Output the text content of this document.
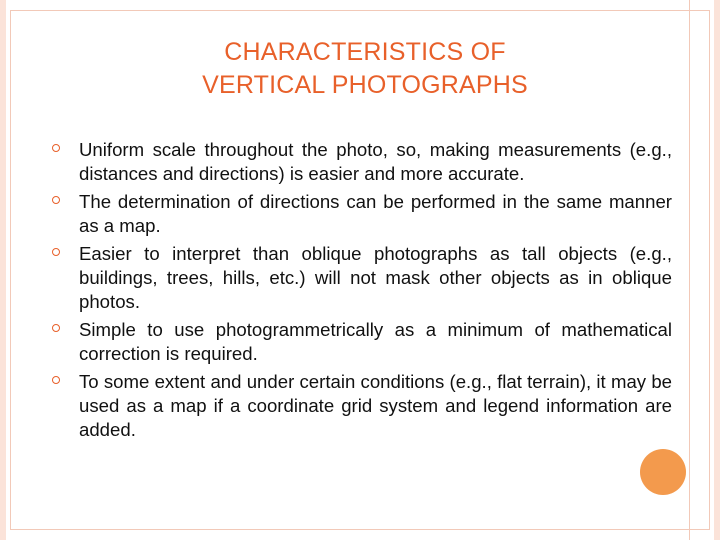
CHARACTERISTICS OF
VERTICAL PHOTOGRAPHS
Uniform scale throughout the photo, so, making measurements (e.g., distances and directions) is easier and more accurate.
The determination of directions can be performed in the same manner as a map.
Easier to interpret than oblique photographs as tall objects (e.g., buildings, trees, hills, etc.) will not mask other objects as in oblique photos.
Simple to use photogrammetrically as a minimum of mathematical correction is required.
To some extent and under certain conditions (e.g., flat terrain), it may be used as a map if a coordinate grid system and legend information are added.
